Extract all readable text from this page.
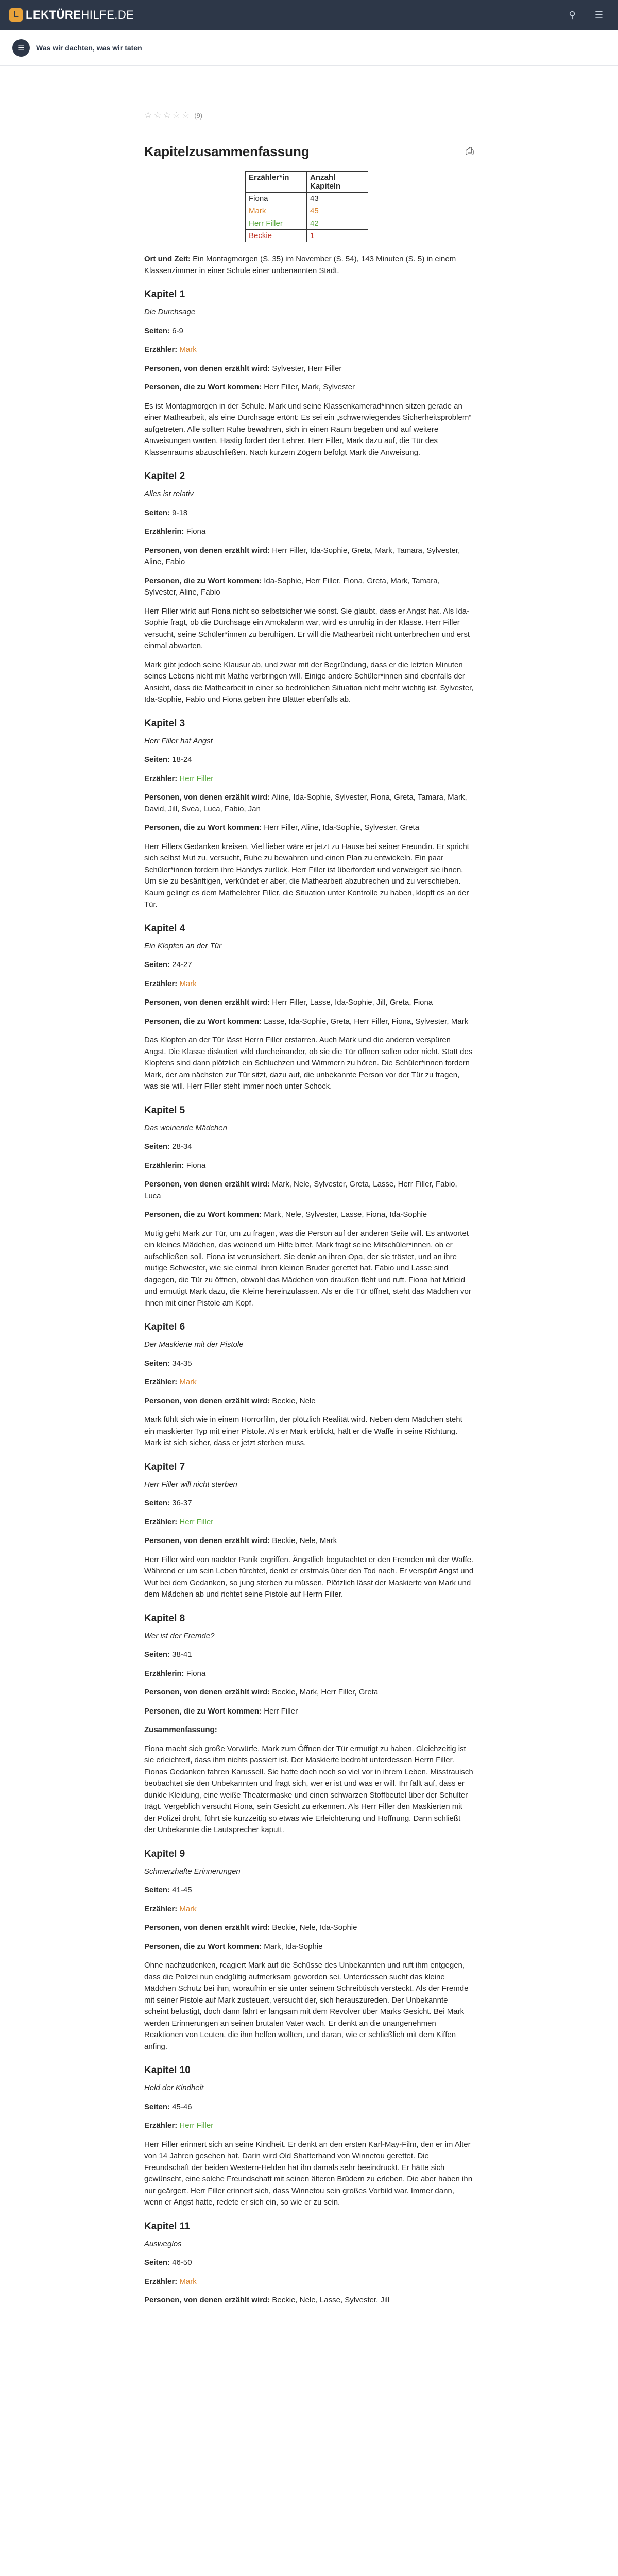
L LEKTÜREHILFE.DE	⚲	☰
☰	Was wir dachten, was wir taten
☆ ☆ ☆ ☆ ☆ (9)
Kapitelzusammenfassung	⎙
Erzähler*in	Anzahl Kapiteln
Fiona	43
Mark	45
Herr Filler	42
Beckie	1

Ort und Zeit: Ein Montagmorgen (S. 35) im November (S. 54), 143 Minuten (S. 5) in einem Klassenzimmer in einer Schule einer unbenannten Stadt.

Kapitel 1

Die Durchsage

Seiten: 6-9

Erzähler: Mark

Personen, von denen erzählt wird: Sylvester, Herr Filler

Personen, die zu Wort kommen: Herr Filler, Mark, Sylvester

Es ist Montagmorgen in der Schule. Mark und seine Klassenkamerad*innen sitzen gerade an einer Mathearbeit, als eine Durchsage ertönt: Es sei ein „schwerwiegendes Sicherheitsproblem“ aufgetreten. Alle sollten Ruhe bewahren, sich in einen Raum begeben und auf weitere Anweisungen warten. Hastig fordert der Lehrer, Herr Filler, Mark dazu auf, die Tür des Klassenraums abzuschließen. Nach kurzem Zögern befolgt Mark die Anweisung.

Kapitel 2

Alles ist relativ

Seiten: 9-18

Erzählerin: Fiona

Personen, von denen erzählt wird: Herr Filler, Ida-Sophie, Greta, Mark, Tamara, Sylvester, Aline, Fabio

Personen, die zu Wort kommen: Ida-Sophie, Herr Filler, Fiona, Greta, Mark, Tamara, Sylvester, Aline, Fabio

Herr Filler wirkt auf Fiona nicht so selbstsicher wie sonst. Sie glaubt, dass er Angst hat. Als Ida-Sophie fragt, ob die Durchsage ein Amokalarm war, wird es unruhig in der Klasse. Herr Filler versucht, seine Schüler*innen zu beruhigen. Er will die Mathearbeit nicht unterbrechen und erst einmal abwarten.

Mark gibt jedoch seine Klausur ab, und zwar mit der Begründung, dass er die letzten Minuten seines Lebens nicht mit Mathe verbringen will. Einige andere Schüler*innen sind ebenfalls der Ansicht, dass die Mathearbeit in einer so bedrohlichen Situation nicht mehr wichtig ist. Sylvester, Ida-Sophie, Fabio und Fiona geben ihre Blätter ebenfalls ab.

Kapitel 3

Herr Filler hat Angst

Seiten: 18-24

Erzähler: Herr Filler

Personen, von denen erzählt wird: Aline, Ida-Sophie, Sylvester, Fiona, Greta, Tamara, Mark, David, Jill, Svea, Luca, Fabio, Jan

Personen, die zu Wort kommen: Herr Filler, Aline, Ida-Sophie, Sylvester, Greta

Herr Fillers Gedanken kreisen. Viel lieber wäre er jetzt zu Hause bei seiner Freundin. Er spricht sich selbst Mut zu, versucht, Ruhe zu bewahren und einen Plan zu entwickeln. Ein paar Schüler*innen fordern ihre Handys zurück. Herr Filler ist überfordert und verweigert sie ihnen. Um sie zu besänftigen, verkündet er aber, die Mathearbeit abzubrechen und zu verschieben. Kaum gelingt es dem Mathelehrer Filler, die Situation unter Kontrolle zu haben, klopft es an der Tür.

Kapitel 4

Ein Klopfen an der Tür

Seiten: 24-27

Erzähler: Mark

Personen, von denen erzählt wird: Herr Filler, Lasse, Ida-Sophie, Jill, Greta, Fiona

Personen, die zu Wort kommen: Lasse, Ida-Sophie, Greta, Herr Filler, Fiona, Sylvester, Mark

Das Klopfen an der Tür lässt Herrn Filler erstarren. Auch Mark und die anderen verspüren Angst. Die Klasse diskutiert wild durcheinander, ob sie die Tür öffnen sollen oder nicht. Statt des Klopfens sind dann plötzlich ein Schluchzen und Wimmern zu hören. Die Schüler*innen fordern Mark, der am nächsten zur Tür sitzt, dazu auf, die unbekannte Person vor der Tür zu fragen, was sie will. Herr Filler steht immer noch unter Schock.

Kapitel 5

Das weinende Mädchen

Seiten: 28-34

Erzählerin: Fiona

Personen, von denen erzählt wird: Mark, Nele, Sylvester, Greta, Lasse, Herr Filler, Fabio, Luca

Personen, die zu Wort kommen: Mark, Nele, Sylvester, Lasse, Fiona, Ida-Sophie

Mutig geht Mark zur Tür, um zu fragen, was die Person auf der anderen Seite will. Es antwortet ein kleines Mädchen, das weinend um Hilfe bittet. Mark fragt seine Mitschüler*innen, ob er aufschließen soll. Fiona ist verunsichert. Sie denkt an ihren Opa, der sie tröstet, und an ihre mutige Schwester, wie sie einmal ihren kleinen Bruder gerettet hat. Fabio und Lasse sind dagegen, die Tür zu öffnen, obwohl das Mädchen von draußen fleht und ruft. Fiona hat Mitleid und ermutigt Mark dazu, die Kleine hereinzulassen. Als er die Tür öffnet, steht das Mädchen vor ihnen mit einer Pistole am Kopf.

Kapitel 6

Der Maskierte mit der Pistole

Seiten: 34-35

Erzähler: Mark

Personen, von denen erzählt wird: Beckie, Nele

Mark fühlt sich wie in einem Horrorfilm, der plötzlich Realität wird. Neben dem Mädchen steht ein maskierter Typ mit einer Pistole. Als er Mark erblickt, hält er die Waffe in seine Richtung. Mark ist sich sicher, dass er jetzt sterben muss.

Kapitel 7

Herr Filler will nicht sterben

Seiten: 36-37

Erzähler: Herr Filler

Personen, von denen erzählt wird: Beckie, Nele, Mark

Herr Filler wird von nackter Panik ergriffen. Ängstlich begutachtet er den Fremden mit der Waffe. Während er um sein Leben fürchtet, denkt er erstmals über den Tod nach. Er verspürt Angst und Wut bei dem Gedanken, so jung sterben zu müssen. Plötzlich lässt der Maskierte von Mark und dem Mädchen ab und richtet seine Pistole auf Herrn Filler.

Kapitel 8

Wer ist der Fremde?

Seiten: 38-41

Erzählerin: Fiona

Personen, von denen erzählt wird: Beckie, Mark, Herr Filler, Greta

Personen, die zu Wort kommen: Herr Filler

Zusammenfassung:

Fiona macht sich große Vorwürfe, Mark zum Öffnen der Tür ermutigt zu haben. Gleichzeitig ist sie erleichtert, dass ihm nichts passiert ist. Der Maskierte bedroht unterdessen Herrn Filler. Fionas Gedanken fahren Karussell. Sie hatte doch noch so viel vor in ihrem Leben. Misstrauisch beobachtet sie den Unbekannten und fragt sich, wer er ist und was er will. Ihr fällt auf, dass er dunkle Kleidung, eine weiße Theatermaske und einen schwarzen Stoffbeutel über der Schulter trägt. Vergeblich versucht Fiona, sein Gesicht zu erkennen. Als Herr Filler den Maskierten mit der Polizei droht, führt sie kurzzeitig so etwas wie Erleichterung und Hoffnung. Dann schließt der Unbekannte die Lautsprecher kaputt.

Kapitel 9

Schmerzhafte Erinnerungen

Seiten: 41-45

Erzähler: Mark

Personen, von denen erzählt wird: Beckie, Nele, Ida-Sophie

Personen, die zu Wort kommen: Mark, Ida-Sophie

Ohne nachzudenken, reagiert Mark auf die Schüsse des Unbekannten und ruft ihm entgegen, dass die Polizei nun endgültig aufmerksam geworden sei. Unterdessen sucht das kleine Mädchen Schutz bei ihm, woraufhin er sie unter seinem Schreibtisch versteckt. Als der Fremde mit seiner Pistole auf Mark zusteuert, versucht der, sich herauszureden. Der Unbekannte scheint belustigt, doch dann fährt er langsam mit dem Revolver über Marks Gesicht. Bei Mark werden Erinnerungen an seinen brutalen Vater wach. Er denkt an die unangenehmen Reaktionen von Leuten, die ihm helfen wollten, und daran, wie er schließlich mit dem Kiffen anfing.

Kapitel 10

Held der Kindheit

Seiten: 45-46

Erzähler: Herr Filler

Herr Filler erinnert sich an seine Kindheit. Er denkt an den ersten Karl-May-Film, den er im Alter von 14 Jahren gesehen hat. Darin wird Old Shatterhand von Winnetou gerettet. Die Freundschaft der beiden Western-Helden hat ihn damals sehr beeindruckt. Er hätte sich gewünscht, eine solche Freundschaft mit seinen älteren Brüdern zu erleben. Die aber haben ihn nur geärgert. Herr Filler erinnert sich, dass Winnetou sein großes Vorbild war. Immer dann, wenn er Angst hatte, redete er sich ein, so wie er zu sein.

Kapitel 11

Ausweglos

Seiten: 46-50

Erzähler: Mark

Personen, von denen erzählt wird: Beckie, Nele, Lasse, Sylvester, Jill
